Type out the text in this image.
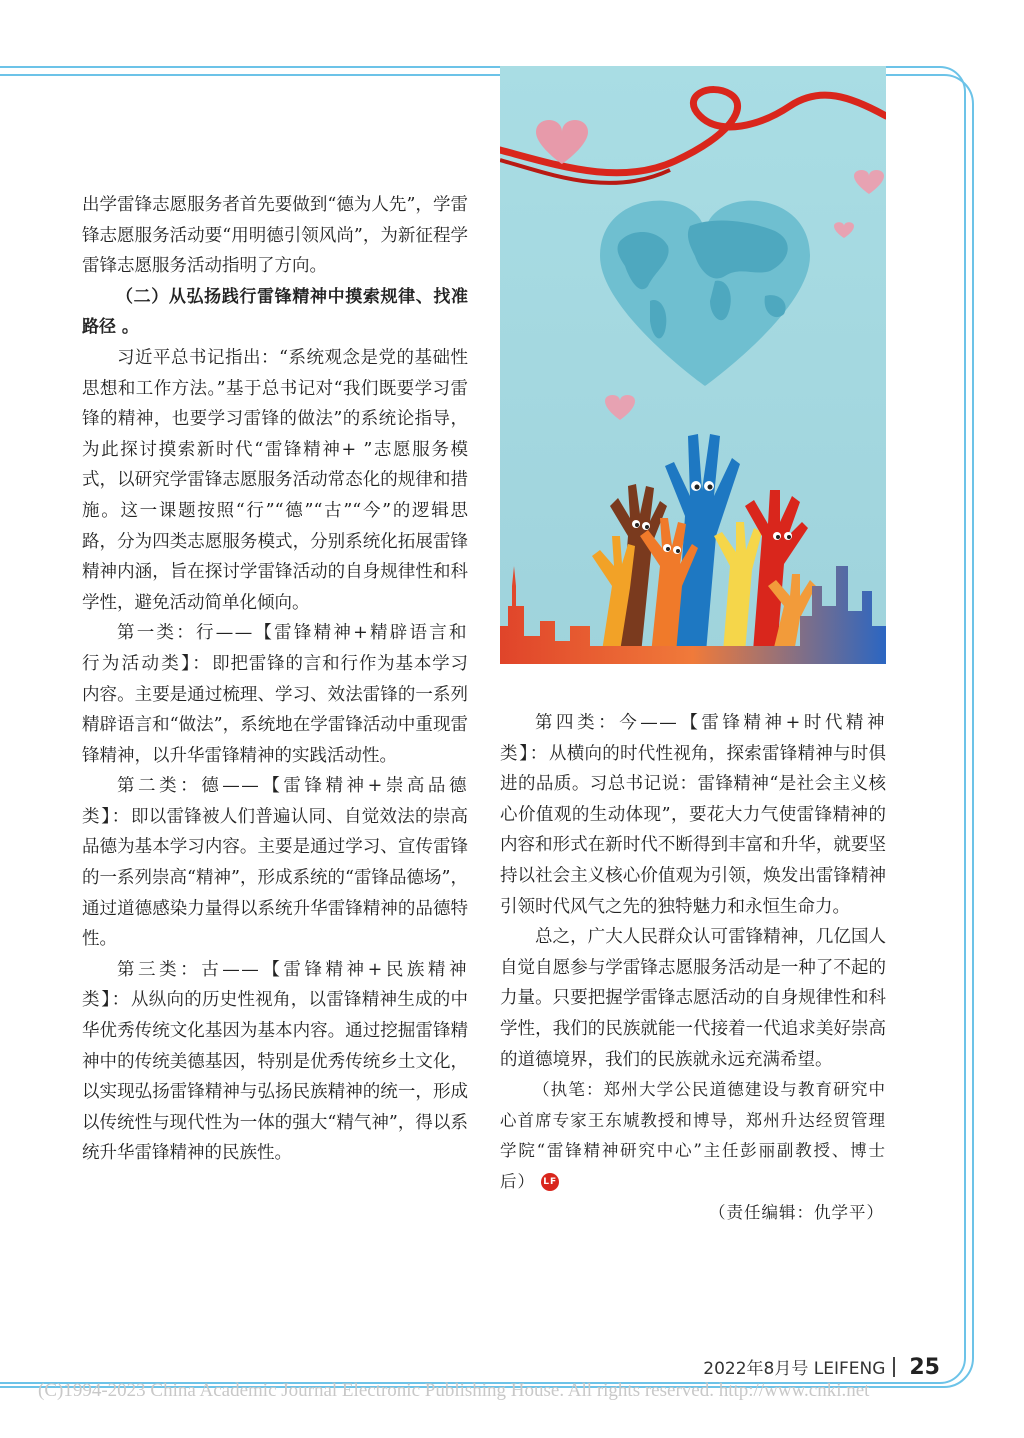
出学雷锋志愿服务者首先要做到“德为人先”，学雷锋志愿服务活动要“用明德引领风尚”，为新征程学雷锋志愿服务活动指明了方向。

（二）从弘扬践行雷锋精神中摸索规律、找准路径 。

习近平总书记指出：“系统观念是党的基础性思想和工作方法。”基于总书记对“我们既要学习雷锋的精神，也要学习雷锋的做法”的系统论指导，为此探讨摸索新时代“雷锋精神+ ”志愿服务模式，以研究学雷锋志愿服务活动常态化的规律和措施。这一课题按照“行”“德”“古”“今”的逻辑思路，分为四类志愿服务模式，分别系统化拓展雷锋精神内涵，旨在探讨学雷锋活动的自身规律性和科学性，避免活动简单化倾向。

第一类：行——【雷锋精神+精辟语言和行为活动类】：即把雷锋的言和行作为基本学习内容。主要是通过梳理、学习、效法雷锋的一系列精辟语言和“做法”，系统地在学雷锋活动中重现雷锋精神，以升华雷锋精神的实践活动性。

第二类：德——【雷锋精神+崇高品德类】：即以雷锋被人们普遍认同、自觉效法的崇高品德为基本学习内容。主要是通过学习、宣传雷锋的一系列崇高“精神”，形成系统的“雷锋品德场”，通过道德感染力量得以系统升华雷锋精神的品德特性。

第三类：古——【雷锋精神+民族精神类】：从纵向的历史性视角，以雷锋精神生成的中华优秀传统文化基因为基本内容。通过挖掘雷锋精神中的传统美德基因，特别是优秀传统乡土文化，以实现弘扬雷锋精神与弘扬民族精神的统一，形成以传统性与现代性为一体的强大“精气神”，得以系统升华雷锋精神的民族性。

第四类：今——【雷锋精神+时代精神类】：从横向的时代性视角，探索雷锋精神与时俱进的品质。习总书记说：雷锋精神“是社会主义核心价值观的生动体现”，要花大力气使雷锋精神的内容和形式在新时代不断得到丰富和升华，就要坚持以社会主义核心价值观为引领，焕发出雷锋精神引领时代风气之先的独特魅力和永恒生命力。

总之，广大人民群众认可雷锋精神，几亿国人自觉自愿参与学雷锋志愿服务活动是一种了不起的力量。只要把握学雷锋志愿活动的自身规律性和科学性，我们的民族就能一代接着一代追求美好崇高的道德境界，我们的民族就永远充满希望。

（执笔：郑州大学公民道德建设与教育研究中心首席专家王东虓教授和博导，郑州升达经贸管理学院“雷锋精神研究中心”主任彭丽副教授、博士后） LF

（责任编辑：仇学平）

2022年8月号 LEIFENG 25
(C)1994-2023 China Academic Journal Electronic Publishing House. All rights reserved. http://www.cnki.net
